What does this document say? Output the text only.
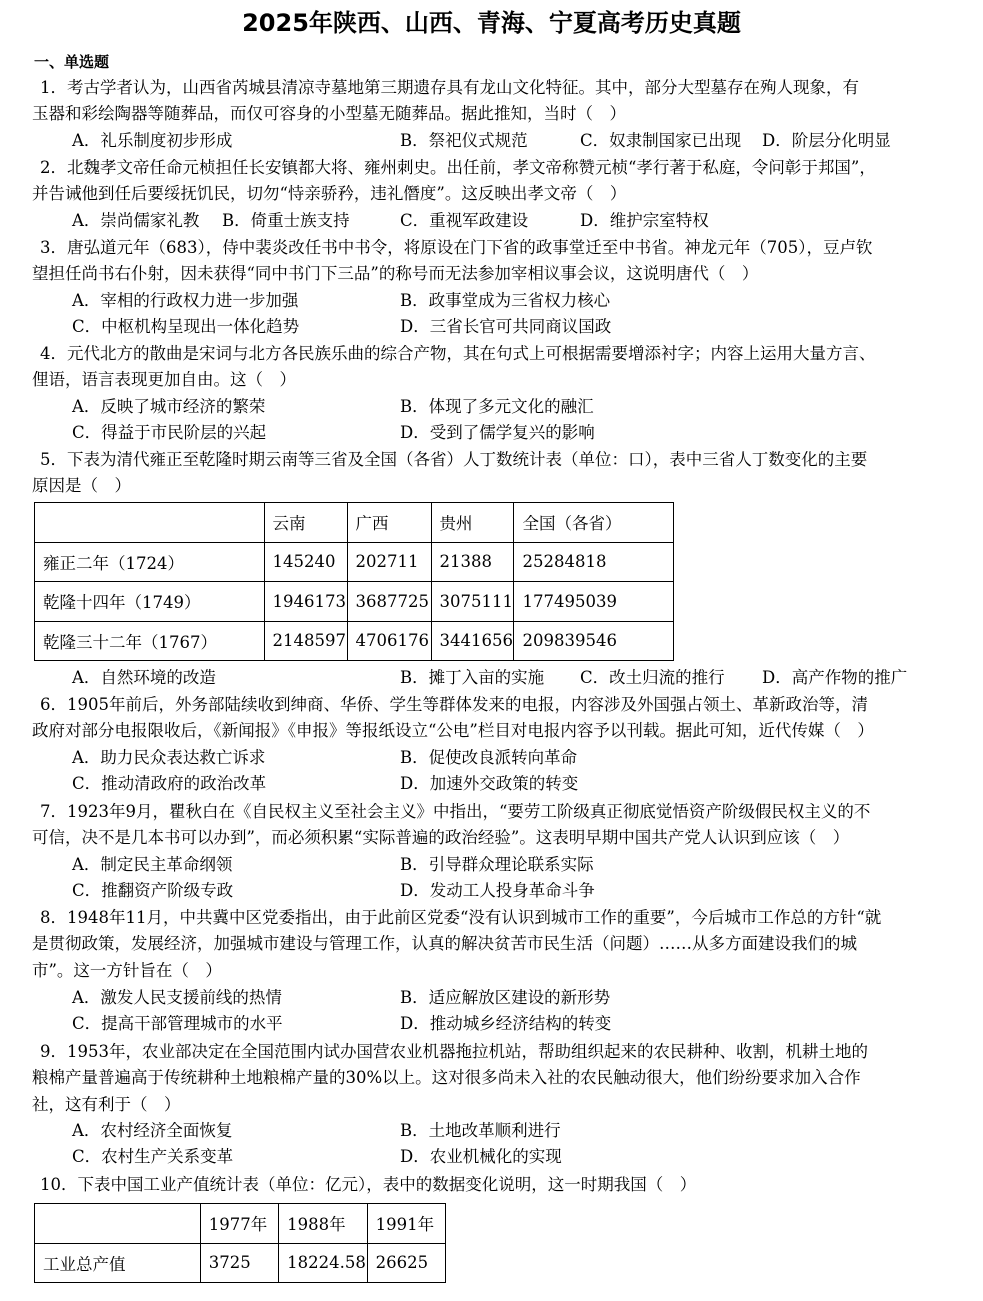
2025年陕西、山西、青海、宁夏高考历史真题
一、单选题
1．考古学者认为，山西省芮城县清凉寺墓地第三期遗存具有龙山文化特征。其中，部分大型墓存在殉人现象，有
玉器和彩绘陶器等随葬品，而仅可容身的小型墓无随葬品。据此推知，当时（　）
A．礼乐制度初步形成	B．祭祀仪式规范	C．奴隶制国家已出现 D．阶层分化明显
2．北魏孝文帝任命元桢担任长安镇都大将、雍州刺史。出任前，孝文帝称赞元桢“孝行著于私庭，令问彰于邦国”，
并告诫他到任后要绥抚饥民，切勿“恃亲骄矜，违礼僭度”。这反映出孝文帝（　）
A．崇尚儒家礼教 B．倚重士族支持	C．重视军政建设	D．维护宗室特权
3．唐弘道元年（683），侍中裴炎改任书中书令，将原设在门下省的政事堂迁至中书省。神龙元年（705），豆卢钦
望担任尚书右仆射，因未获得“同中书门下三品”的称号而无法参加宰相议事会议，这说明唐代（　）
A．宰相的行政权力进一步加强	B．政事堂成为三省权力核心
C．中枢机构呈现出一体化趋势	D．三省长官可共同商议国政
4．元代北方的散曲是宋词与北方各民族乐曲的综合产物，其在句式上可根据需要增添衬字；内容上运用大量方言、
俚语，语言表现更加自由。这（　）
A．反映了城市经济的繁荣	B．体现了多元文化的融汇
C．得益于市民阶层的兴起	D．受到了儒学复兴的影响
5．下表为清代雍正至乾隆时期云南等三省及全国（各省）人丁数统计表（单位：口），表中三省人丁数变化的主要
原因是（　）
	云南	广西	贵州	全国（各省）
雍正二年（1724）	145240	202711	21388	25284818
乾隆十四年（1749）	1946173	3687725	3075111	177495039
乾隆三十二年（1767）	2148597	4706176	3441656	209839546
A．自然环境的改造	B．摊丁入亩的实施 C．改土归流的推行 D．高产作物的推广
6．1905年前后，外务部陆续收到绅商、华侨、学生等群体发来的电报，内容涉及外国强占领土、革新政治等，清
政府对部分电报限收后，《新闻报》《申报》等报纸设立“公电”栏目对电报内容予以刊载。据此可知，近代传媒（　）
A．助力民众表达救亡诉求	B．促使改良派转向革命
C．推动清政府的政治改革	D．加速外交政策的转变
7．1923年9月，瞿秋白在《自民权主义至社会主义》中指出，“要劳工阶级真正彻底觉悟资产阶级假民权主义的不
可信，决不是几本书可以办到”，而必须积累“实际普遍的政治经验”。这表明早期中国共产党人认识到应该（　）
A．制定民主革命纲领	B．引导群众理论联系实际
C．推翻资产阶级专政	D．发动工人投身革命斗争
8．1948年11月，中共冀中区党委指出，由于此前区党委“没有认识到城市工作的重要”，今后城市工作总的方针“就
是贯彻政策，发展经济，加强城市建设与管理工作，认真的解决贫苦市民生活（问题）……从多方面建设我们的城
市”。这一方针旨在（　）
A．激发人民支援前线的热情	B．适应解放区建设的新形势
C．提高干部管理城市的水平	D．推动城乡经济结构的转变
9．1953年，农业部决定在全国范围内试办国营农业机器拖拉机站，帮助组织起来的农民耕种、收割，机耕土地的
粮棉产量普遍高于传统耕种土地粮棉产量的30%以上。这对很多尚未入社的农民触动很大，他们纷纷要求加入合作
社，这有利于（　）
A．农村经济全面恢复	B．土地改革顺利进行
C．农村生产关系变革	D．农业机械化的实现
10．下表中国工业产值统计表（单位：亿元），表中的数据变化说明，这一时期我国（　）
	1977年	1988年	1991年
工业总产值	3725	18224.58	26625
